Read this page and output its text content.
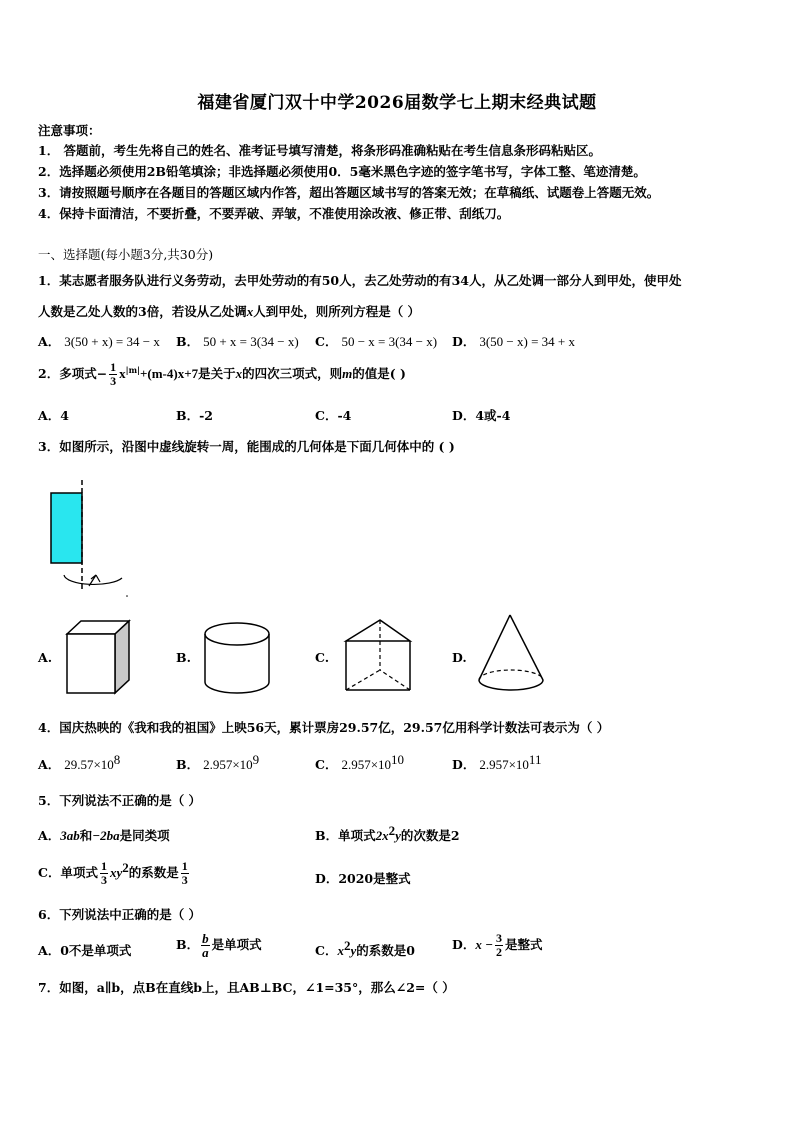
福建省厦门双十中学2026届数学七上期末经典试题
注意事项：
1． 答题前，考生先将自己的姓名、准考证号填写清楚，将条形码准确粘贴在考生信息条形码粘贴区。
2．选择题必须使用2B铅笔填涂；非选择题必须使用0．5毫米黑色字迹的签字笔书写，字体工整、笔迹清楚。
3．请按照题号顺序在各题目的答题区域内作答，超出答题区域书写的答案无效；在草稿纸、试题卷上答题无效。
4．保持卡面清洁，不要折叠，不要弄破、弄皱，不准使用涂改液、修正带、刮纸刀。
一、选择题(每小题3分,共30分)
1．某志愿者服务队进行义务劳动，去甲处劳动的有50人，去乙处劳动的有34人，从乙处调一部分人到甲处，使甲处
人数是乙处人数的3倍，若设从乙处调x人到甲处，则所列方程是（ ）
A． 3(50 + x) = 34 − x B． 50 + x = 3(34 − x) C． 50 − x = 3(34 − x) D． 3(50 − x) = 34 + x
2．多项式− $\frac{1}{3} x^{|m|}+(m-4)x+7$是关于x的四次三项式，则m的值是( )
A．4	B．-2	C．-4	D．4或-4
3．如图所示，沿图中虚线旋转一周，能围成的几何体是下面几何体中的 ( )
A.	B.	C.	D.
4．国庆热映的《我和我的祖国》上映56天，累计票房29.57亿，29.57亿用科学计数法可表示为（ ）
A． $29.57\times 10^8$	B． $2.957\times 10^9$	C． $2.957\times 10^{10}$	D． $2.957\times 10^{11}$
5．下列说法不正确的是（ ）
A．3ab和−2ba是同类项	B．单项式$2x^2y$的次数是2
C．单项式 $\frac{1}{3} xy^2$的系数是 $\frac{1}{3}$	D．2020是整式
6．下列说法中正确的是（ ）
A．0不是单项式	B． $\frac{b}{a}$ 是单项式	C．$x^2y$的系数是0	D．$x - \frac{3}{2}$ 是整式
7．如图，a∥b，点B在直线b上，且AB⊥BC，∠1=35°，那么∠2=（ ）
